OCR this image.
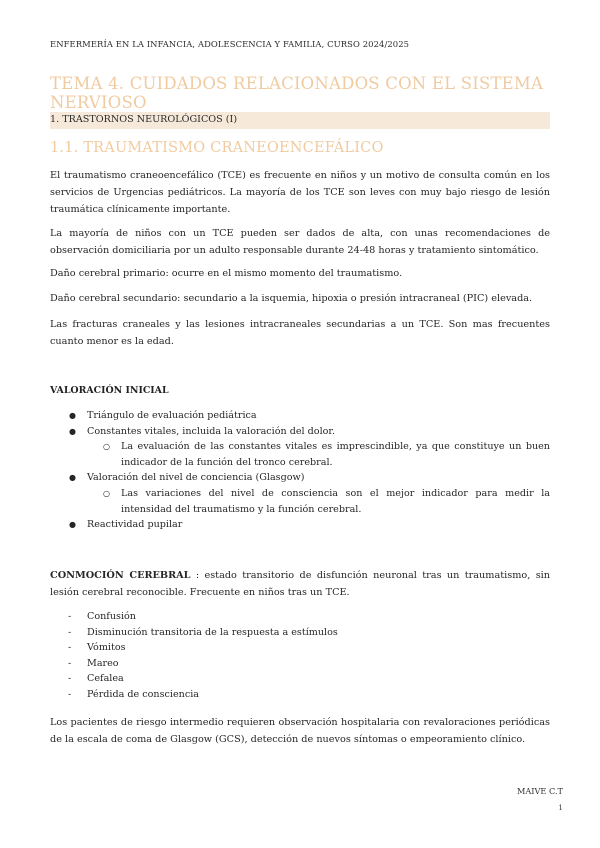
ENFERMERÍA EN LA INFANCIA, ADOLESCENCIA Y FAMILIA, CURSO 2024/2025
TEMA 4. CUIDADOS RELACIONADOS CON EL SISTEMA NERVIOSO
1. TRASTORNOS NEUROLÓGICOS (I)
1.1. TRAUMATISMO CRANEOENCEFÁLICO

El traumatismo craneoencefálico (TCE) es frecuente en niños y un motivo de consulta común en los servicios de Urgencias pediátricos. La mayoría de los TCE son leves con muy bajo riesgo de lesión traumática clínicamente importante.

La mayoría de niños con un TCE pueden ser dados de alta, con unas recomendaciones de observación domiciliaria por un adulto responsable durante 24-48 horas y tratamiento sintomático.

Daño cerebral primario: ocurre en el mismo momento del traumatismo.

Daño cerebral secundario: secundario a la isquemia, hipoxia o presión intracraneal (PIC) elevada.

Las fracturas craneales y las lesiones intracraneales secundarias a un TCE. Son mas frecuentes cuanto menor es la edad.

VALORACIÓN INICIAL
● Triángulo de evaluación pediátrica
● Constantes vitales, incluida la valoración del dolor.
○ La evaluación de las constantes vitales es imprescindible, ya que constituye un buen indicador de la función del tronco cerebral.
● Valoración del nivel de conciencia (Glasgow)
○ Las variaciones del nivel de consciencia son el mejor indicador para medir la intensidad del traumatismo y la función cerebral.
● Reactividad pupilar

CONMOCIÓN CEREBRAL : estado transitorio de disfunción neuronal tras un traumatismo, sin lesión cerebral reconocible. Frecuente en niños tras un TCE.

- Confusión
- Disminución transitoria de la respuesta a estímulos
- Vómitos
- Mareo
- Cefalea
- Pérdida de consciencia

Los pacientes de riesgo intermedio requieren observación hospitalaria con revaloraciones periódicas de la escala de coma de Glasgow (GCS), detección de nuevos síntomas o empeoramiento clínico.

MAIVE C.T
1
